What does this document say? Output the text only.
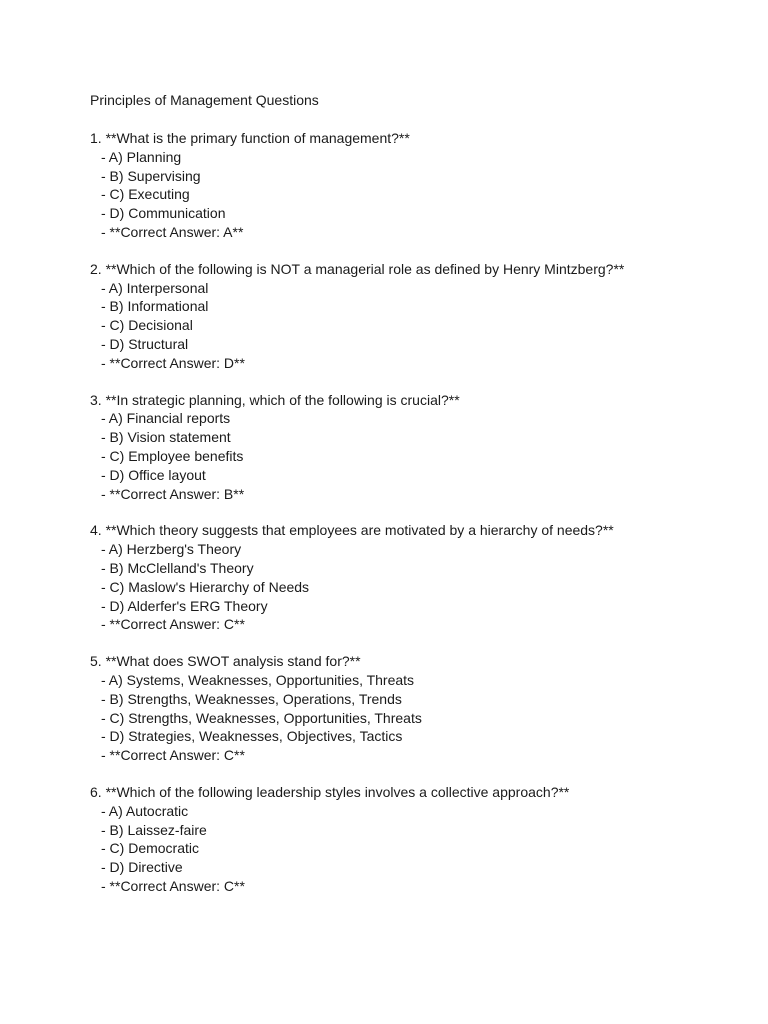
Principles of Management Questions
1. **What is the primary function of management?**
- A) Planning
- B) Supervising
- C) Executing
- D) Communication
- **Correct Answer: A**
2. **Which of the following is NOT a managerial role as defined by Henry Mintzberg?**
- A) Interpersonal
- B) Informational
- C) Decisional
- D) Structural
- **Correct Answer: D**
3. **In strategic planning, which of the following is crucial?**
- A) Financial reports
- B) Vision statement
- C) Employee benefits
- D) Office layout
- **Correct Answer: B**
4. **Which theory suggests that employees are motivated by a hierarchy of needs?**
- A) Herzberg's Theory
- B) McClelland's Theory
- C) Maslow's Hierarchy of Needs
- D) Alderfer's ERG Theory
- **Correct Answer: C**
5. **What does SWOT analysis stand for?**
- A) Systems, Weaknesses, Opportunities, Threats
- B) Strengths, Weaknesses, Operations, Trends
- C) Strengths, Weaknesses, Opportunities, Threats
- D) Strategies, Weaknesses, Objectives, Tactics
- **Correct Answer: C**
6. **Which of the following leadership styles involves a collective approach?**
- A) Autocratic
- B) Laissez-faire
- C) Democratic
- D) Directive
- **Correct Answer: C**
